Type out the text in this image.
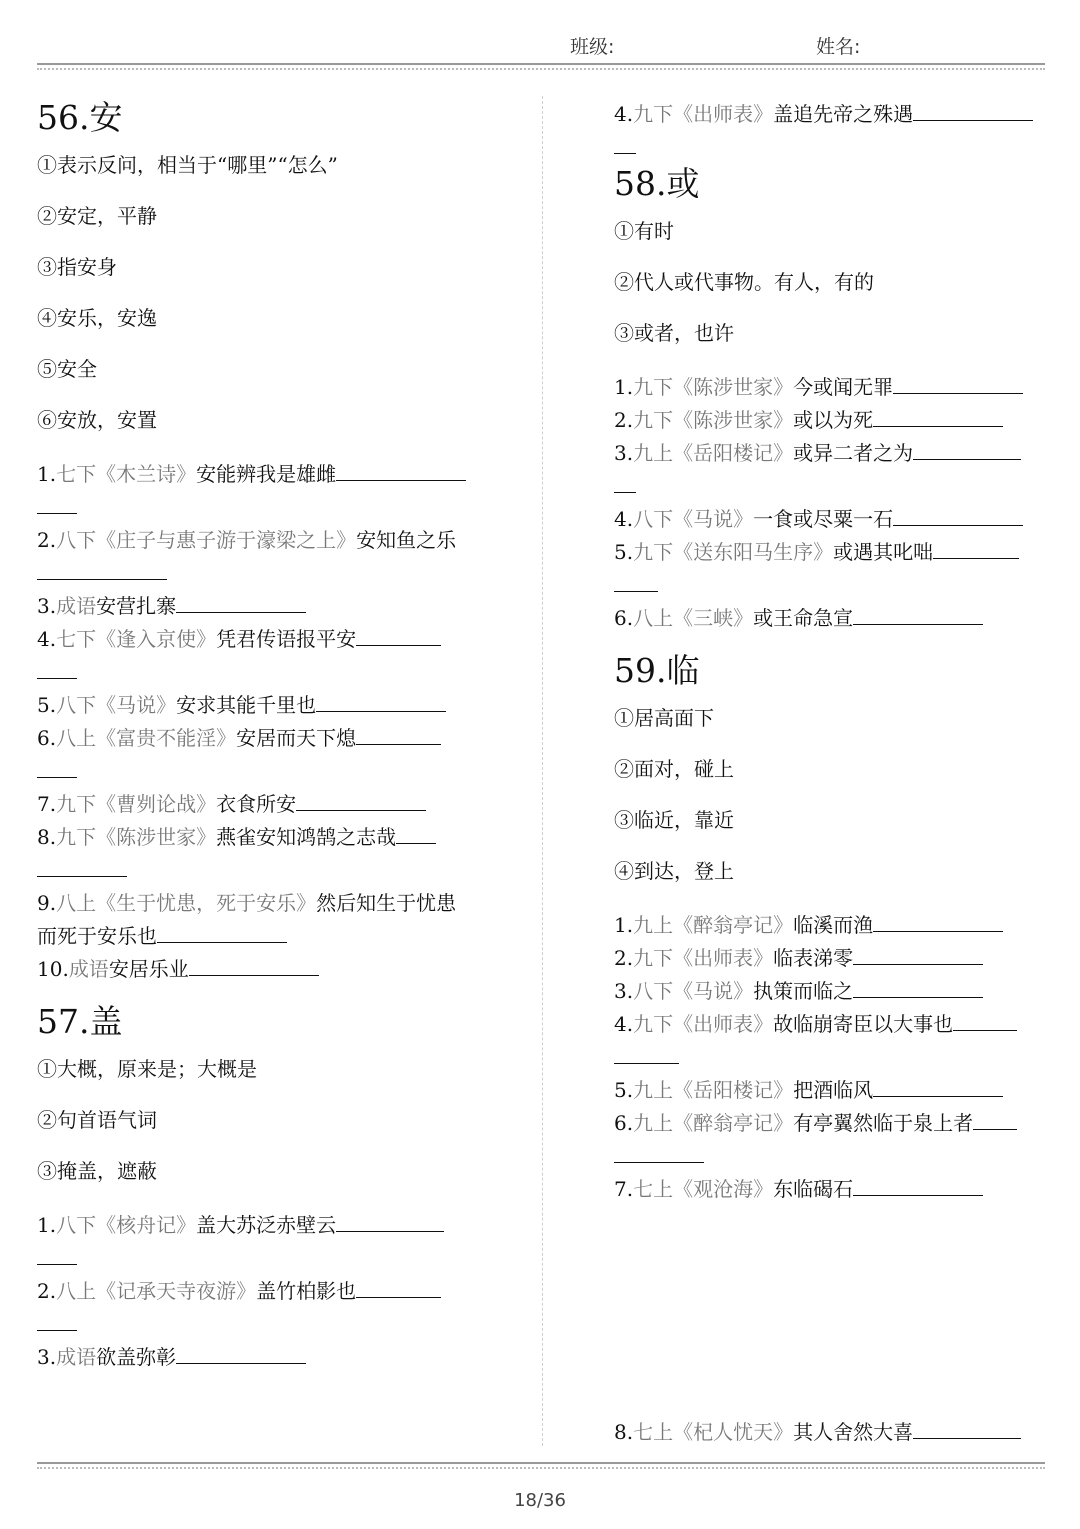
班级:	姓名:
56.安
①表示反问，相当于“哪里”“怎么”
②安定，平静
③指安身
④安乐，安逸
⑤安全
⑥安放，安置
1.七下《木兰诗》安能辨我是雄雌
2.八下《庄子与惠子游于濠梁之上》安知鱼之乐
3.成语安营扎寨
4.七下《逢入京使》凭君传语报平安
5.八下《马说》安求其能千里也
6.八上《富贵不能淫》安居而天下熄
7.九下《曹刿论战》衣食所安
8.九下《陈涉世家》燕雀安知鸿鹄之志哉
9.八上《生于忧患，死于安乐》然后知生于忧患而死于安乐也
10.成语安居乐业
57.盖
①大概，原来是；大概是
②句首语气词
③掩盖，遮蔽
1.八下《核舟记》盖大苏泛赤壁云
2.八上《记承天寺夜游》盖竹柏影也
3.成语欲盖弥彰
4.九下《出师表》盖追先帝之殊遇
58.或
①有时
②代人或代事物。有人，有的
③或者，也许
1.九下《陈涉世家》今或闻无罪
2.九下《陈涉世家》或以为死
3.九上《岳阳楼记》或异二者之为
4.八下《马说》一食或尽粟一石
5.九下《送东阳马生序》或遇其叱咄
6.八上《三峡》或王命急宣
59.临
①居高面下
②面对，碰上
③临近，靠近
④到达，登上
1.九上《醉翁亭记》临溪而渔
2.九下《出师表》临表涕零
3.八下《马说》执策而临之
4.九下《出师表》故临崩寄臣以大事也
5.九上《岳阳楼记》把酒临风
6.九上《醉翁亭记》有亭翼然临于泉上者
7.七上《观沧海》东临碣石
8.七上《杞人忧天》其人舍然大喜
18/36
